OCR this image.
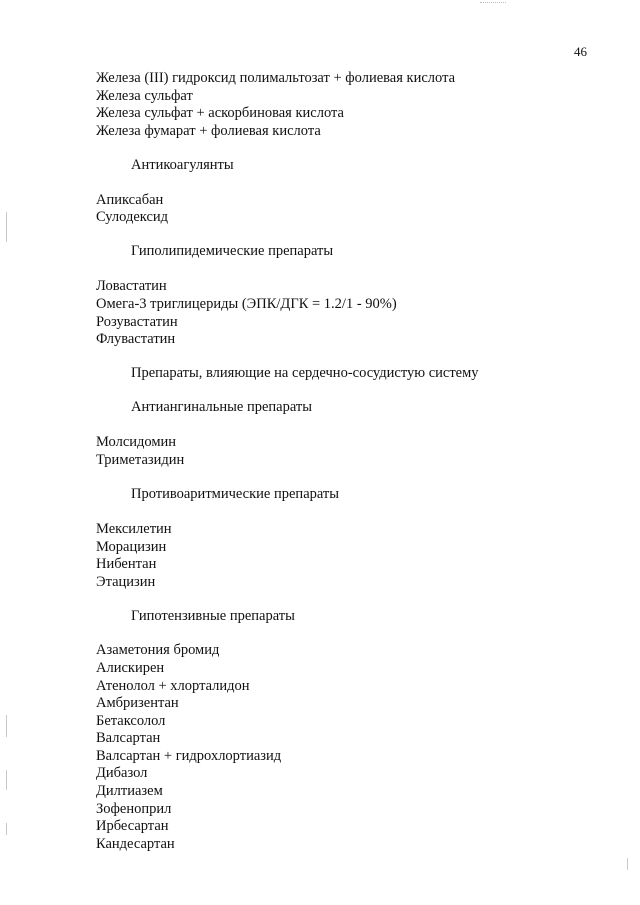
46
Железа (III) гидроксид полимальтозат + фолиевая кислота
Железа сульфат
Железа сульфат + аскорбиновая кислота
Железа фумарат + фолиевая кислота
Антикоагулянты
Апиксабан
Сулодексид
Гиполипидемические препараты
Ловастатин
Омега-3 триглицериды (ЭПК/ДГК = 1.2/1 - 90%)
Розувастатин
Флувастатин
Препараты, влияющие на сердечно-сосудистую систему
Антиангинальные препараты
Молсидомин
Триметазидин
Противоаритмические препараты
Мексилетин
Морацизин
Нибентан
Этацизин
Гипотензивные препараты
Азаметония бромид
Алискирен
Атенолол + хлорталидон
Амбризентан
Бетаксолол
Валсартан
Валсартан + гидрохлортиазид
Дибазол
Дилтиазем
Зофеноприл
Ирбесартан
Кандесартан
